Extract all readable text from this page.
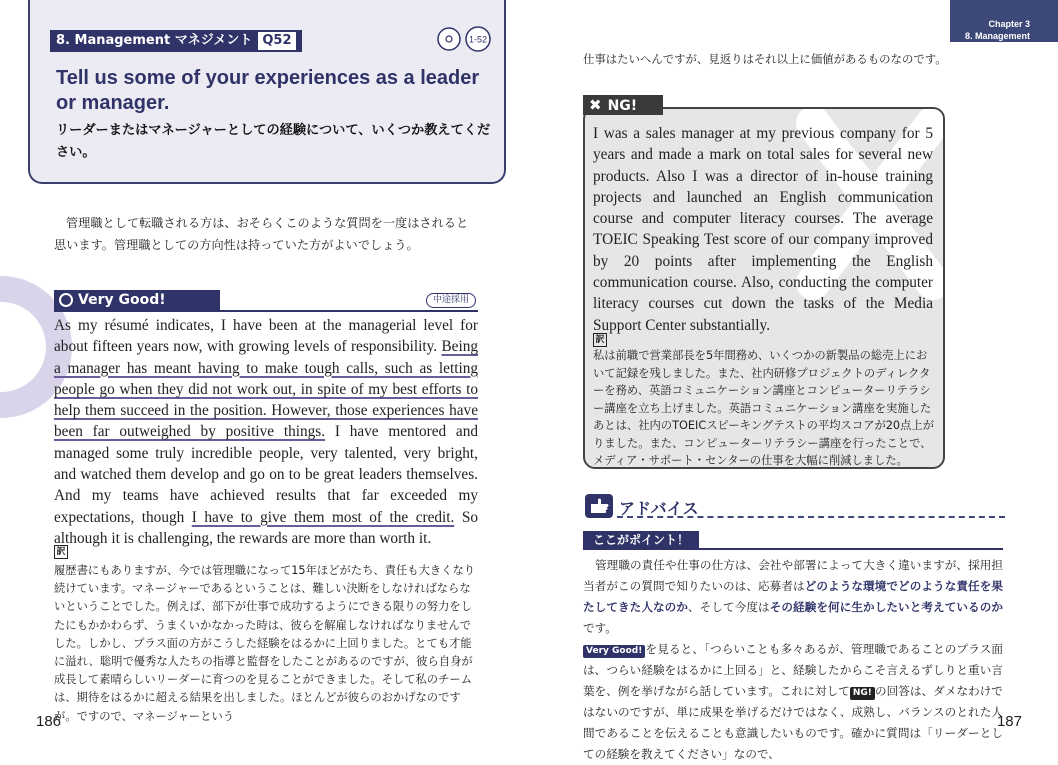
8. Management マネジメント Q52	1-52
Tell us some of your experiences as a leader or manager.
リーダーまたはマネージャーとしての経験について、いくつか教えてください。
管理職として転職される方は、おそらくこのような質問を一度はされると思います。管理職としての方向性は持っていた方がよいでしょう。
Very Good!	中途採用
As my résumé indicates, I have been at the managerial level for about fifteen years now, with growing levels of responsibility. Being a manager has meant having to make tough calls, such as letting people go when they did not work out, in spite of my best efforts to help them succeed in the position. However, those experiences have been far outweighed by positive things. I have mentored and managed some truly incredible people, very talented, very bright, and watched them develop and go on to be great leaders themselves. And my teams have achieved results that far exceeded my expectations, though I have to give them most of the credit. So although it is challenging, the rewards are more than worth it.
訳
履歴書にもありますが、今では管理職になって15年ほどがたち、責任も大きくなり続けています。マネージャーであるということは、難しい決断をしなければならないということでした。例えば、部下が仕事で成功するようにできる限りの努力をしたにもかかわらず、うまくいかなかった時は、彼らを解雇しなければなりませんでした。しかし、プラス面の方がこうした経験をはるかに上回りました。とても才能に溢れ、聡明で優秀な人たちの指導と監督をしたことがあるのですが、彼ら自身が成長して素晴らしいリーダーに育つのを見ることができました。そして私のチームは、期待をはるかに超える結果を出しました。ほとんどが彼らのおかげなのですが。ですので、マネージャーという
186
Chapter 3
8. Management
仕事はたいへんですが、見返りはそれ以上に価値があるものなのです。
I was a sales manager at my previous company for 5 years and made a mark on total sales for several new products. Also I was a director of in-house training projects and launched an English communication course and computer literacy courses. The average TOEIC Speaking Test score of our company improved by 20 points after implementing the English communication course. Also, conducting the computer literacy courses cut down the tasks of the Media Support Center substantially.
訳
私は前職で営業部長を5年間務め、いくつかの新製品の総売上において記録を残しました。また、社内研修プロジェクトのディレクターを務め、英語コミュニケーション講座とコンピューターリテラシー講座を立ち上げました。英語コミュニケーション講座を実施したあとは、社内のTOEICスピーキングテストの平均スコアが20点上がりました。また、コンピューターリテラシー講座を行ったことで、メディア・サポート・センターの仕事を大幅に削減しました。
✖ NG!
アドバイス
ここがポイント！
管理職の責任や仕事の仕方は、会社や部署によって大きく違いますが、採用担当者がこの質問で知りたいのは、応募者はどのような環境でどのような責任を果たしてきた人なのか、そして今度はその経験を何に生かしたいと考えているのかです。
Very Good! を見ると、「つらいことも多々あるが、管理職であることのプラス面は、つらい経験をはるかに上回る」と、経験したからこそ言えるずしりと重い言葉を、例を挙げながら話しています。これに対して NG! の回答は、ダメなわけではないのですが、単に成果を挙げるだけではなく、成熟し、バランスのとれた人間であることを伝えることも意識したいものです。確かに質問は「リーダーとしての経験を教えてください」なので、
187
